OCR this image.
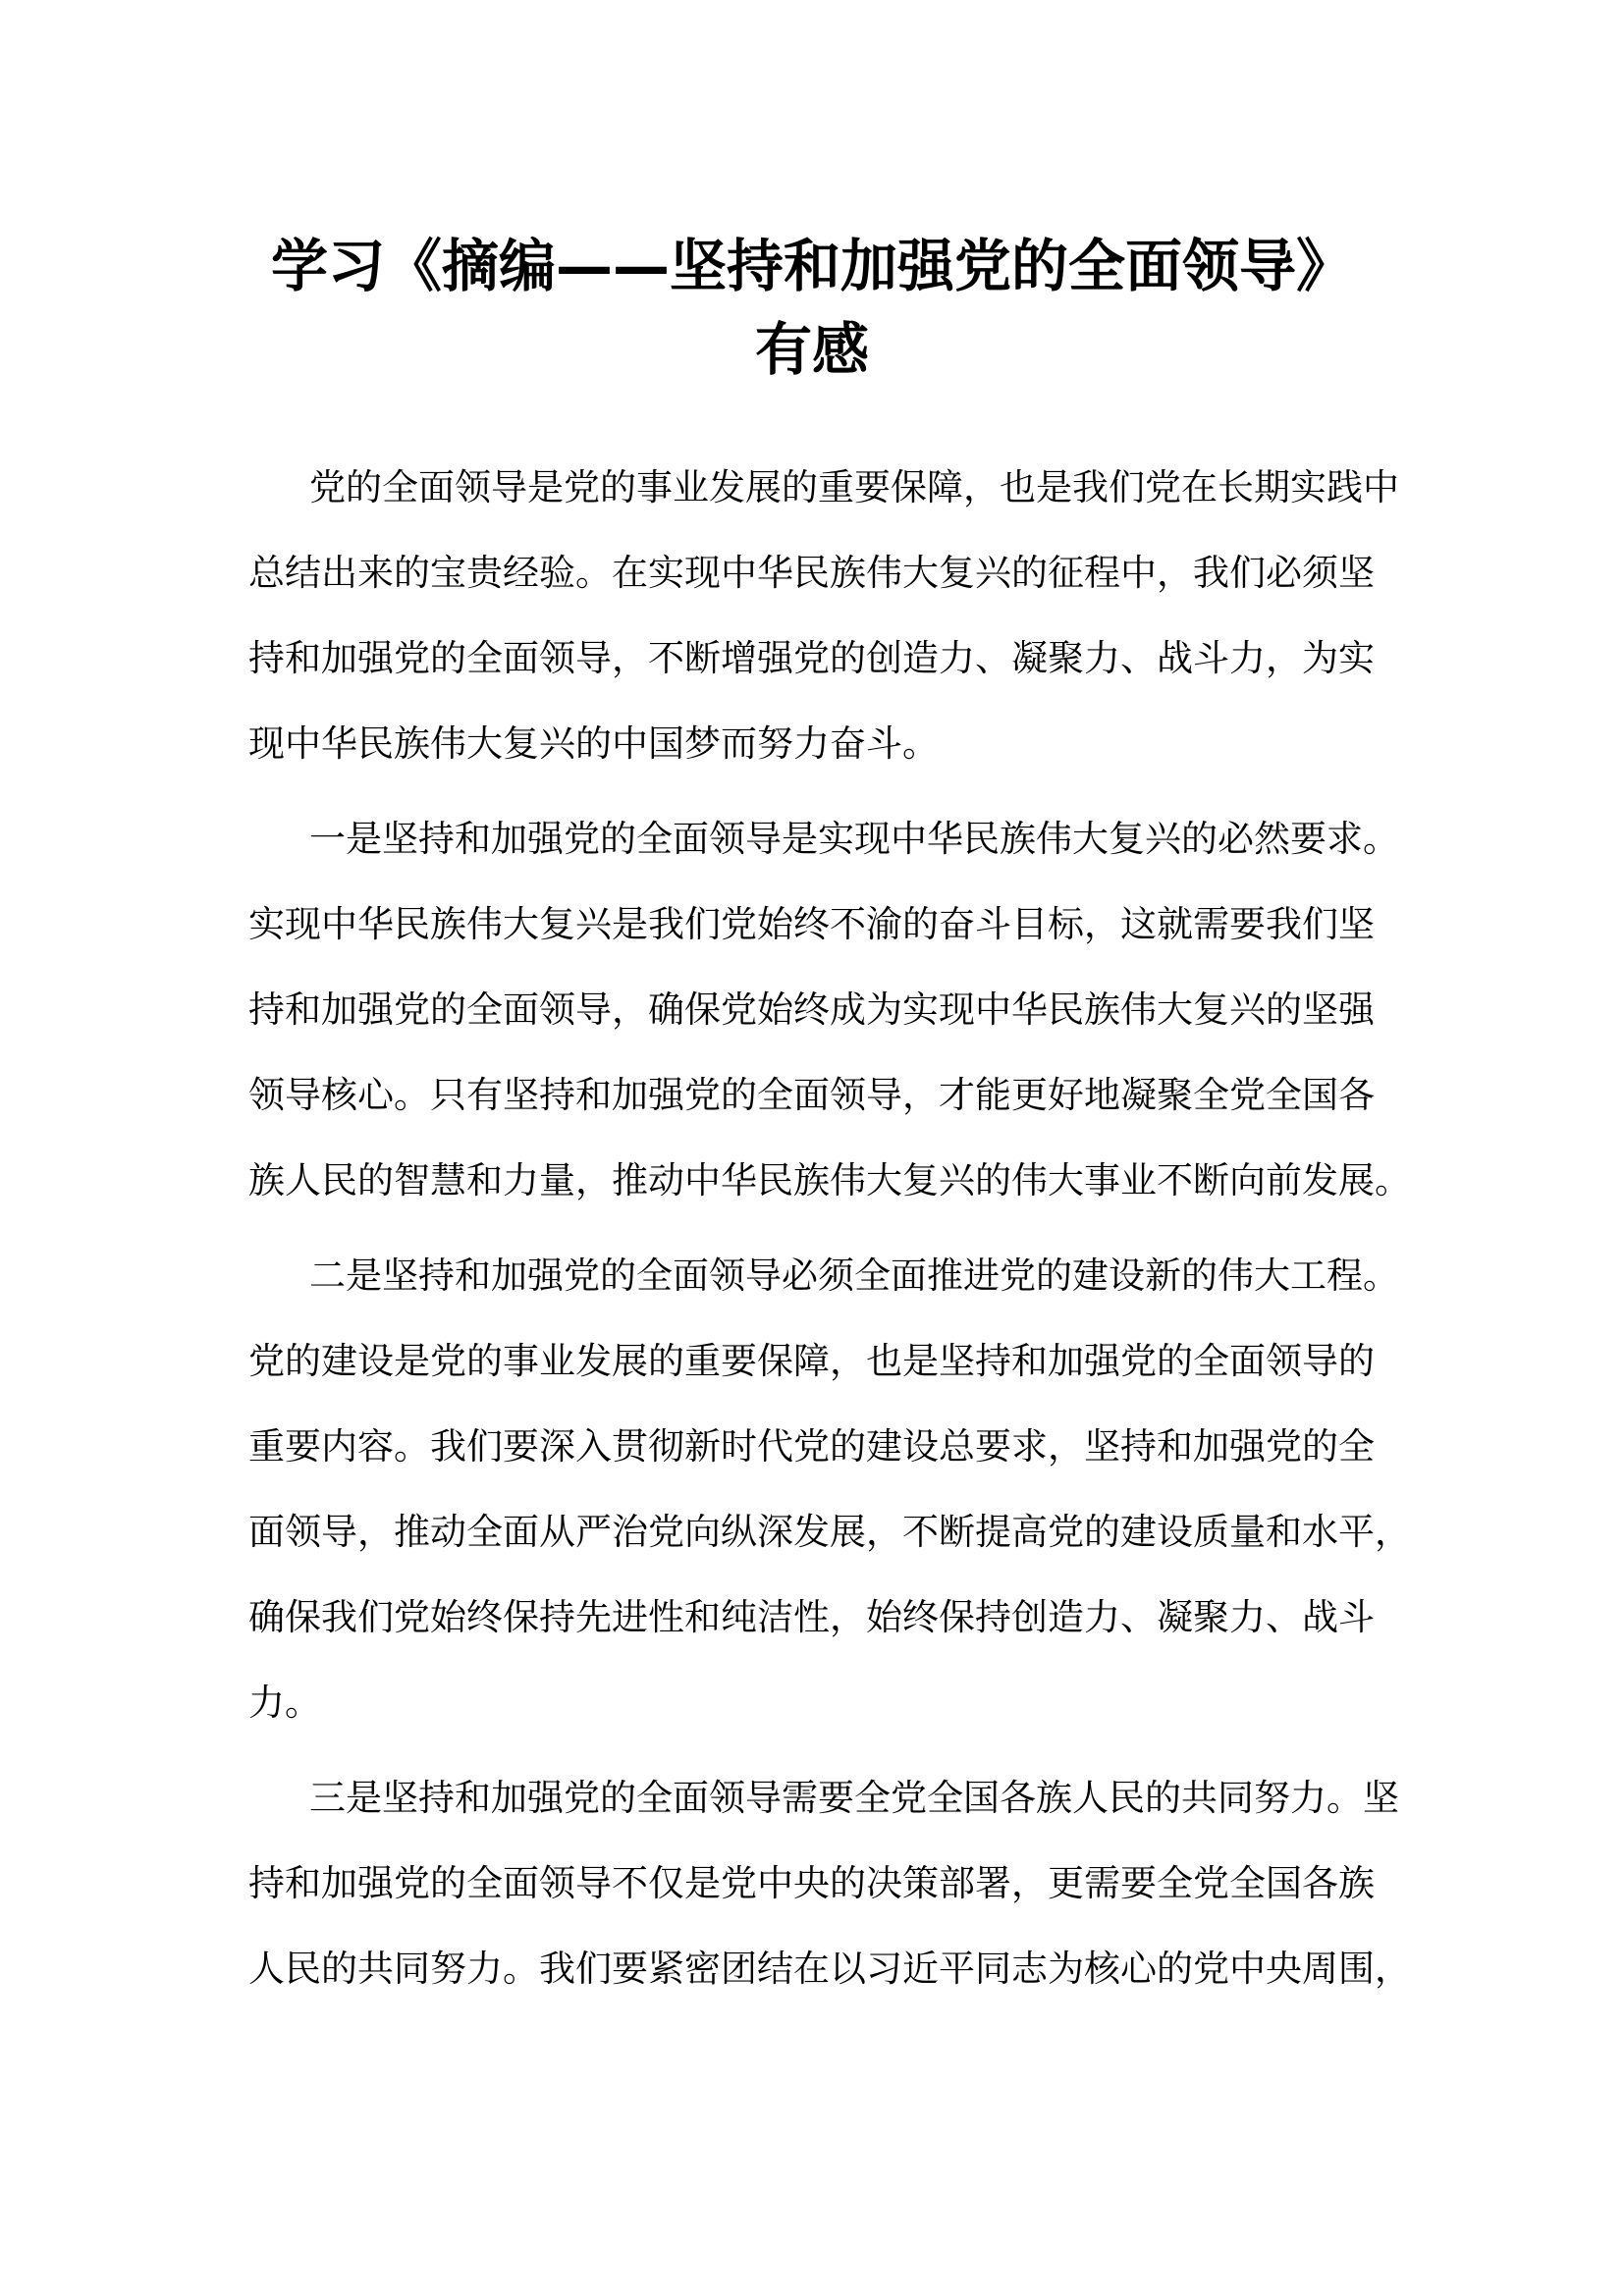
学习《摘编——坚持和加强党的全面领导》
有感
党的全面领导是党的事业发展的重要保障，也是我们党在长期实践中
总结出来的宝贵经验。在实现中华民族伟大复兴的征程中，我们必须坚
持和加强党的全面领导，不断增强党的创造力、凝聚力、战斗力，为实
现中华民族伟大复兴的中国梦而努力奋斗。
一是坚持和加强党的全面领导是实现中华民族伟大复兴的必然要求。
实现中华民族伟大复兴是我们党始终不渝的奋斗目标，这就需要我们坚
持和加强党的全面领导，确保党始终成为实现中华民族伟大复兴的坚强
领导核心。只有坚持和加强党的全面领导，才能更好地凝聚全党全国各
族人民的智慧和力量，推动中华民族伟大复兴的伟大事业不断向前发展。
二是坚持和加强党的全面领导必须全面推进党的建设新的伟大工程。
党的建设是党的事业发展的重要保障，也是坚持和加强党的全面领导的
重要内容。我们要深入贯彻新时代党的建设总要求，坚持和加强党的全
面领导，推动全面从严治党向纵深发展，不断提高党的建设质量和水平，
确保我们党始终保持先进性和纯洁性，始终保持创造力、凝聚力、战斗
力。
三是坚持和加强党的全面领导需要全党全国各族人民的共同努力。坚
持和加强党的全面领导不仅是党中央的决策部署，更需要全党全国各族
人民的共同努力。我们要紧密团结在以习近平同志为核心的党中央周围，
